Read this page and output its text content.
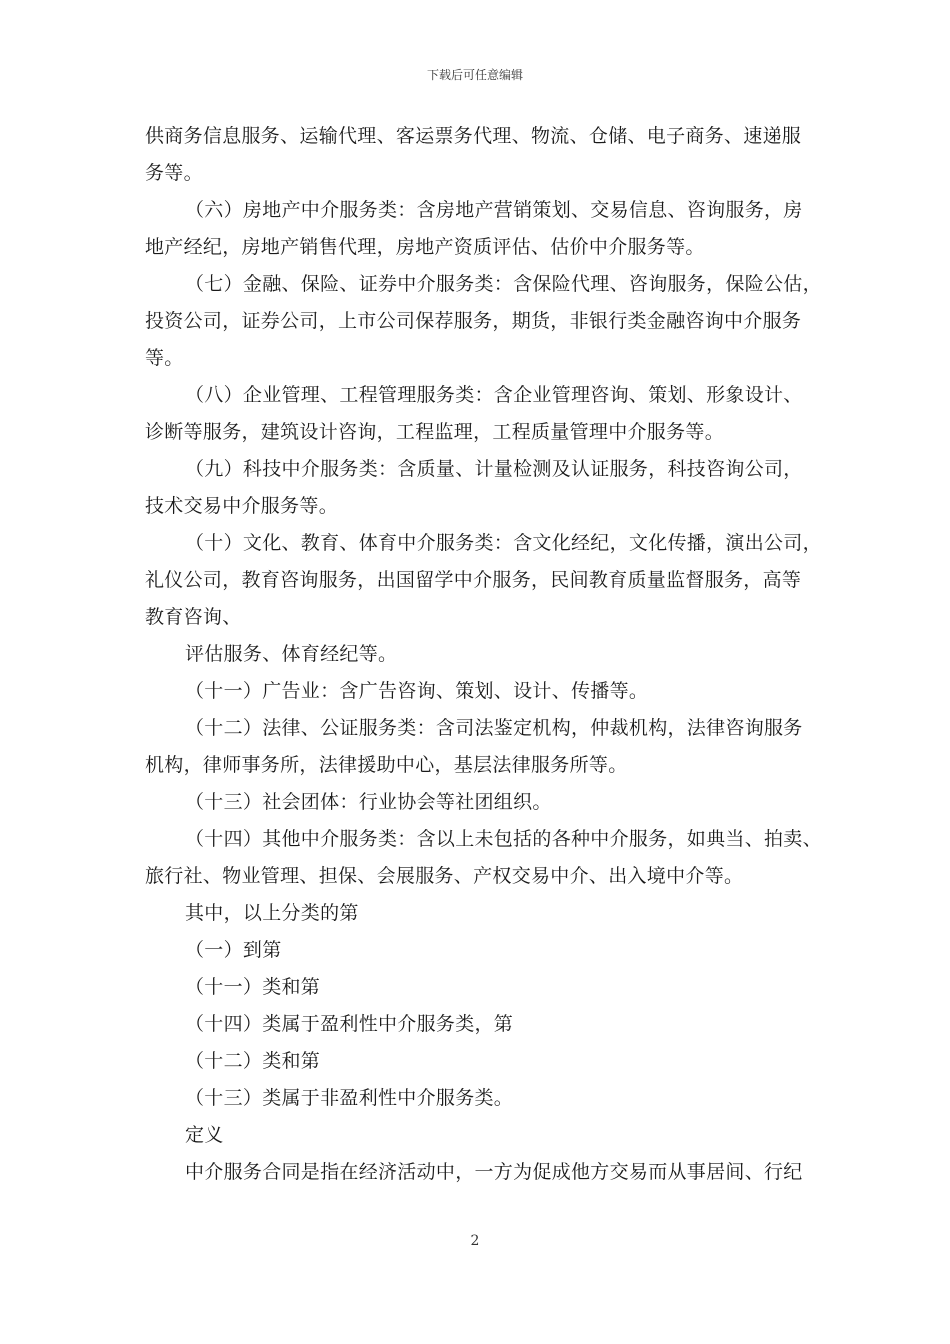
下载后可任意编辑
供商务信息服务、运输代理、客运票务代理、物流、仓储、电子商务、速递服
务等。
（六）房地产中介服务类：含房地产营销策划、交易信息、咨询服务，房
地产经纪，房地产销售代理，房地产资质评估、估价中介服务等。
（七）金融、保险、证券中介服务类：含保险代理、咨询服务，保险公估，
投资公司，证券公司，上市公司保荐服务，期货，非银行类金融咨询中介服务
等。
（八）企业管理、工程管理服务类：含企业管理咨询、策划、形象设计、
诊断等服务，建筑设计咨询，工程监理，工程质量管理中介服务等。
（九）科技中介服务类：含质量、计量检测及认证服务，科技咨询公司，
技术交易中介服务等。
（十）文化、教育、体育中介服务类：含文化经纪，文化传播，演出公司，
礼仪公司，教育咨询服务，出国留学中介服务，民间教育质量监督服务，高等
教育咨询、
评估服务、体育经纪等。
（十一）广告业：含广告咨询、策划、设计、传播等。
（十二）法律、公证服务类：含司法鉴定机构，仲裁机构，法律咨询服务
机构，律师事务所，法律援助中心，基层法律服务所等。
（十三）社会团体：行业协会等社团组织。
（十四）其他中介服务类：含以上未包括的各种中介服务，如典当、拍卖、
旅行社、物业管理、担保、会展服务、产权交易中介、出入境中介等。
其中，以上分类的第
（一）到第
（十一）类和第
（十四）类属于盈利性中介服务类，第
（十二）类和第
（十三）类属于非盈利性中介服务类。
定义
中介服务合同是指在经济活动中，一方为促成他方交易而从事居间、行纪
2
